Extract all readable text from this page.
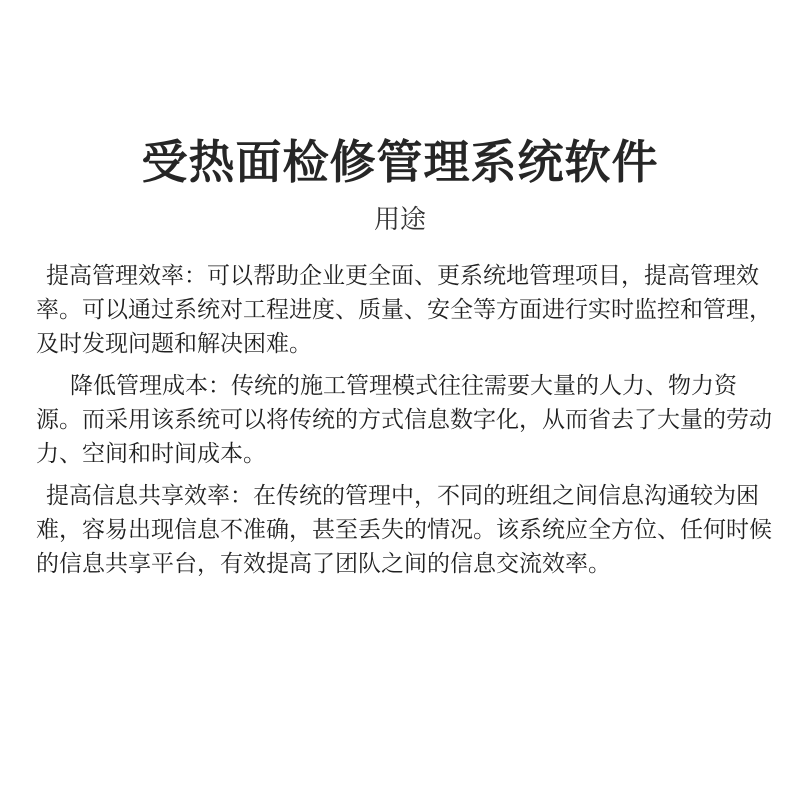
受热面检修管理系统软件
用途

提高管理效率：可以帮助企业更全面、更系统地管理项目，提高管理效率。可以通过系统对工程进度、质量、安全等方面进行实时监控和管理，及时发现问题和解决困难。

降低管理成本：传统的施工管理模式往往需要大量的人力、物力资源。而采用该系统可以将传统的方式信息数字化，从而省去了大量的劳动力、空间和时间成本。

提高信息共享效率：在传统的管理中，不同的班组之间信息沟通较为困难，容易出现信息不准确，甚至丢失的情况。该系统应全方位、任何时候的信息共享平台，有效提高了团队之间的信息交流效率。
